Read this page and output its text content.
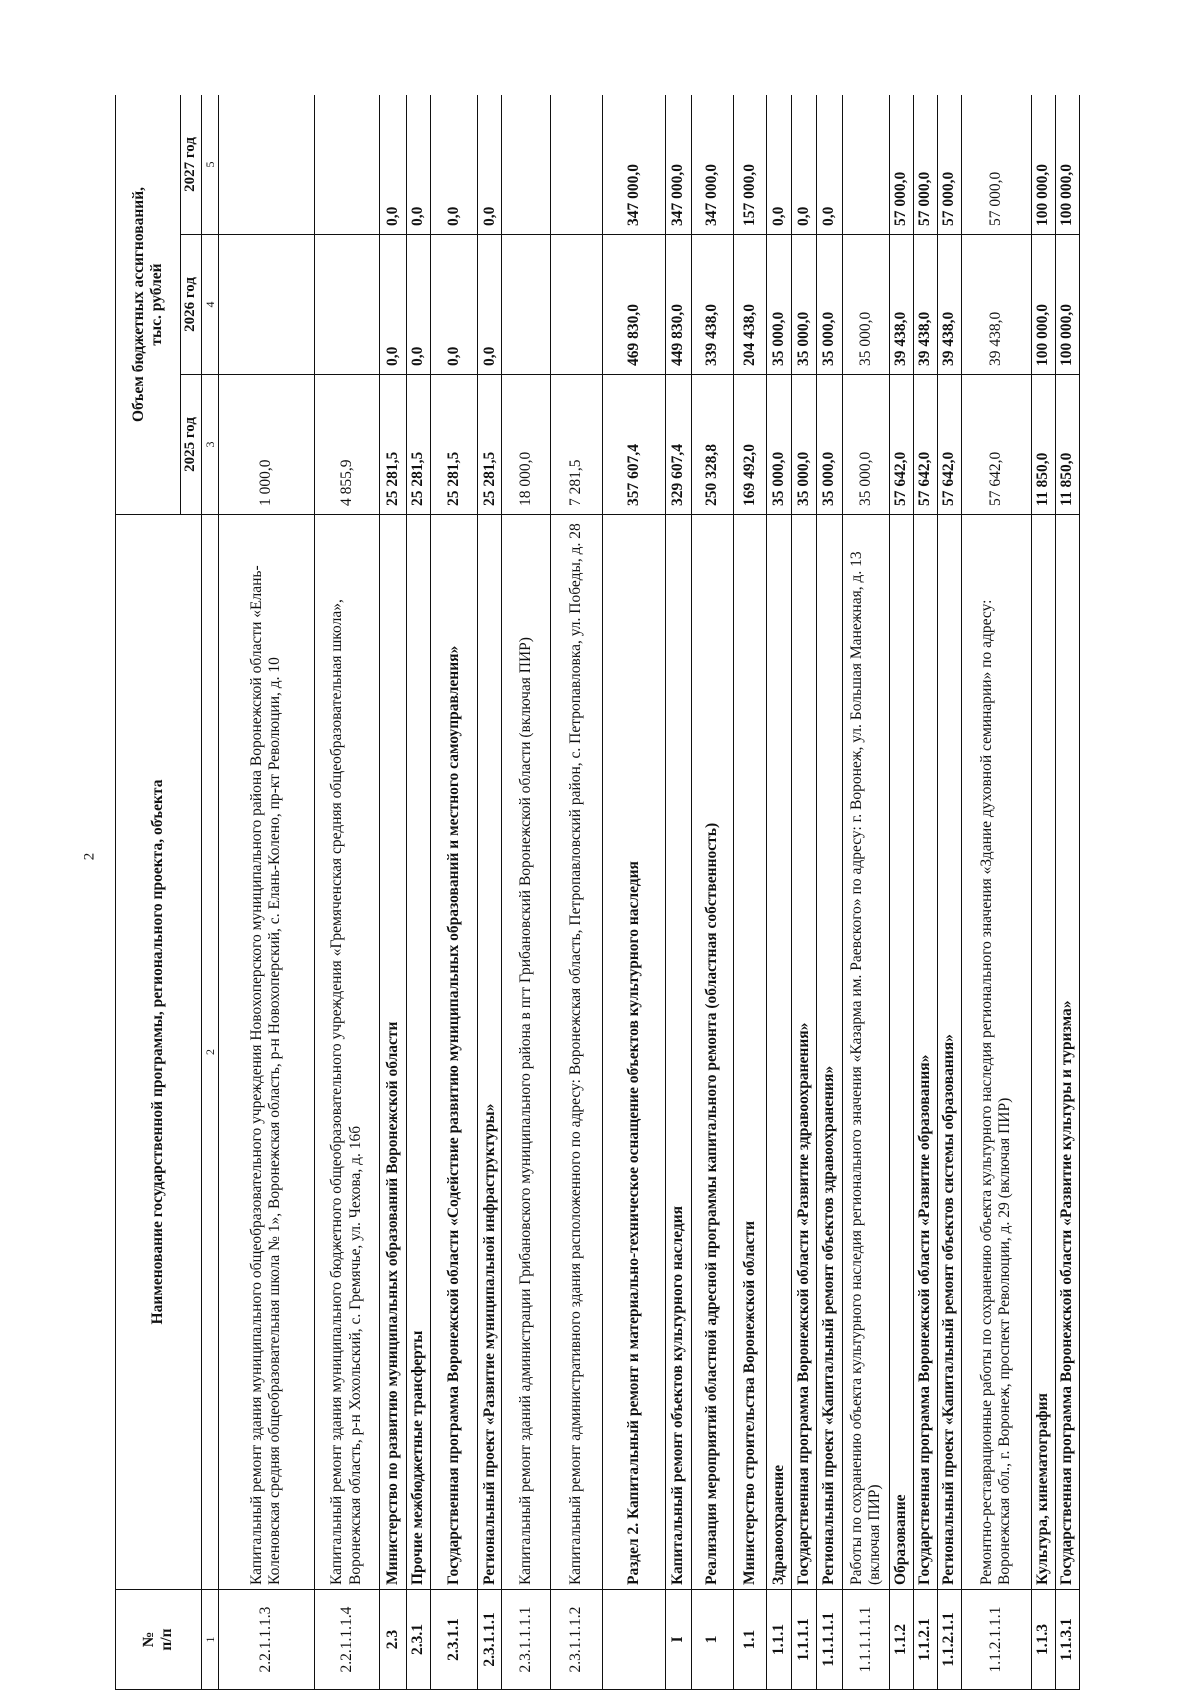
2
№
п/п	Наименование государственной программы, регионального проекта, объекта	Объем бюджетных ассигнований,
тыс. рублей		
		2025 год	2026 год	2027 год
1	2	3	4	5
2.2.1.1.1.3	Капитальный ремонт здания муниципального общеобразовательного учреждения Новохоперского муниципального района Воронежской области «Елань-Коленовская средняя общеобразовательная школа № 1», Воронежская область, р-н Новохоперский, с. Елань-Колено, пр-кт Революции, д. 10	1 000,0		
2.2.1.1.1.4	Капитальный ремонт здания муниципального бюджетного общеобразовательного учреждения «Гремяченская средняя общеобразовательная школа», Воронежская область, р-н Хохольский, с. Гремячье, ул. Чехова, д. 16б	4 855,9		
2.3	Министерство по развитию муниципальных образований Воронежской области	25 281,5	0,0	0,0
2.3.1	Прочие межбюджетные трансферты	25 281,5	0,0	0,0
2.3.1.1	Государственная программа Воронежской области «Содействие развитию муниципальных образований и местного самоуправления»	25 281,5	0,0	0,0
2.3.1.1.1	Региональный проект «Развитие муниципальной инфраструктуры»	25 281,5	0,0	0,0
2.3.1.1.1.1	Капитальный ремонт зданий администрации Грибановского муниципального района в пгт Грибановский Воронежской области (включая ПИР)	18 000,0		
2.3.1.1.1.2	Капитальный ремонт административного здания расположенного по адресу: Воронежская область, Петропавловский район, с. Петропавловка, ул. Победы, д. 28	7 281,5		
	Раздел 2. Капитальный ремонт и материально-техническое оснащение объектов культурного наследия	357 607,4	469 830,0	347 000,0
I	Капитальный ремонт объектов культурного наследия	329 607,4	449 830,0	347 000,0
1	Реализация мероприятий областной адресной программы капитального ремонта (областная собственность)	250 328,8	339 438,0	347 000,0
1.1	Министерство строительства Воронежской области	169 492,0	204 438,0	157 000,0
1.1.1	Здравоохранение	35 000,0	35 000,0	0,0
1.1.1.1	Государственная программа Воронежской области «Развитие здравоохранения»	35 000,0	35 000,0	0,0
1.1.1.1.1	Региональный проект «Капитальный ремонт объектов здравоохранения»	35 000,0	35 000,0	0,0
1.1.1.1.1.1	Работы по сохранению объекта культурного наследия регионального значения «Казарма им. Раевского» по адресу: г. Воронеж, ул. Большая Манежная, д. 13 (включая ПИР)	35 000,0	35 000,0	
1.1.2	Образование	57 642,0	39 438,0	57 000,0
1.1.2.1	Государственная программа Воронежской области «Развитие образования»	57 642,0	39 438,0	57 000,0
1.1.2.1.1	Региональный проект «Капитальный ремонт объектов системы образования»	57 642,0	39 438,0	57 000,0
1.1.2.1.1.1	Ремонтно-реставрационные работы по сохранению объекта культурного наследия регионального значения «Здание духовной семинарии» по адресу: Воронежская обл., г. Воронеж, проспект Революции, д. 29 (включая ПИР)	57 642,0	39 438,0	57 000,0
1.1.3	Культура, кинематография	11 850,0	100 000,0	100 000,0
1.1.3.1	Государственная программа Воронежской области «Развитие культуры и туризма»	11 850,0	100 000,0	100 000,0
